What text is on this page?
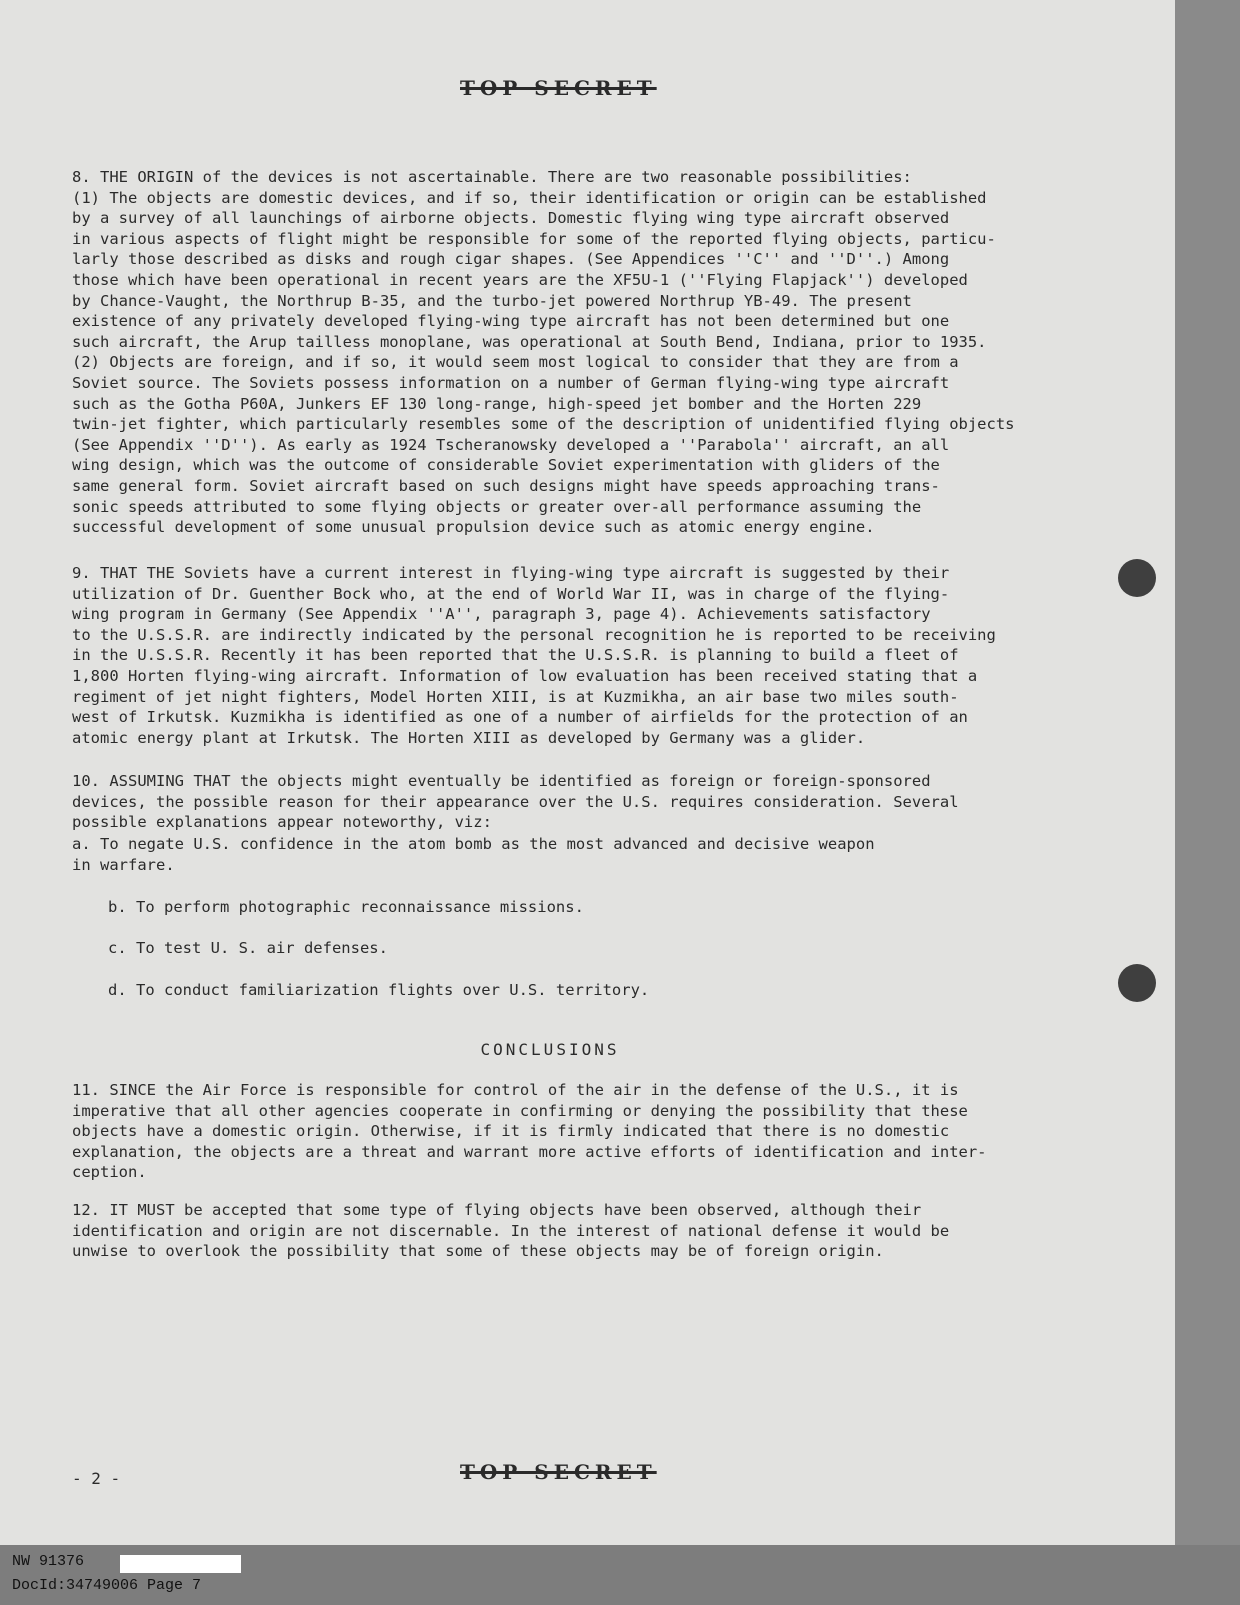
TOP SECRET
8. THE ORIGIN of the devices is not ascertainable. There are two reasonable possibilities:
(1) The objects are domestic devices, and if so, their identification or origin can be established
by a survey of all launchings of airborne objects. Domestic flying wing type aircraft observed
in various aspects of flight might be responsible for some of the reported flying objects, particu-
larly those described as disks and rough cigar shapes. (See Appendices ''C'' and ''D''.) Among
those which have been operational in recent years are the XF5U-1 (''Flying Flapjack'') developed
by Chance-Vaught, the Northrup B-35, and the turbo-jet powered Northrup YB-49. The present
existence of any privately developed flying-wing type aircraft has not been determined but one
such aircraft, the Arup tailless monoplane, was operational at South Bend, Indiana, prior to 1935.
(2) Objects are foreign, and if so, it would seem most logical to consider that they are from a
Soviet source. The Soviets possess information on a number of German flying-wing type aircraft
such as the Gotha P60A, Junkers EF 130 long-range, high-speed jet bomber and the Horten 229
twin-jet fighter, which particularly resembles some of the description of unidentified flying objects
(See Appendix ''D''). As early as 1924 Tscheranowsky developed a ''Parabola'' aircraft, an all
wing design, which was the outcome of considerable Soviet experimentation with gliders of the
same general form. Soviet aircraft based on such designs might have speeds approaching trans-
sonic speeds attributed to some flying objects or greater over-all performance assuming the
successful development of some unusual propulsion device such as atomic energy engine.
9. THAT THE Soviets have a current interest in flying-wing type aircraft is suggested by their
utilization of Dr. Guenther Bock who, at the end of World War II, was in charge of the flying-
wing program in Germany (See Appendix ''A'', paragraph 3, page 4). Achievements satisfactory
to the U.S.S.R. are indirectly indicated by the personal recognition he is reported to be receiving
in the U.S.S.R. Recently it has been reported that the U.S.S.R. is planning to build a fleet of
1,800 Horten flying-wing aircraft. Information of low evaluation has been received stating that a
regiment of jet night fighters, Model Horten XIII, is at Kuzmikha, an air base two miles south-
west of Irkutsk. Kuzmikha is identified as one of a number of airfields for the protection of an
atomic energy plant at Irkutsk. The Horten XIII as developed by Germany was a glider.
10. ASSUMING THAT the objects might eventually be identified as foreign or foreign-sponsored
devices, the possible reason for their appearance over the U.S. requires consideration. Several
possible explanations appear noteworthy, viz:
a. To negate U.S. confidence in the atom bomb as the most advanced and decisive weapon
in warfare.
b. To perform photographic reconnaissance missions.
c. To test U. S. air defenses.
d. To conduct familiarization flights over U.S. territory.
CONCLUSIONS
11. SINCE the Air Force is responsible for control of the air in the defense of the U.S., it is
imperative that all other agencies cooperate in confirming or denying the possibility that these
objects have a domestic origin. Otherwise, if it is firmly indicated that there is no domestic
explanation, the objects are a threat and warrant more active efforts of identification and inter-
ception.
12. IT MUST be accepted that some type of flying objects have been observed, although their
identification and origin are not discernable. In the interest of national defense it would be
unwise to overlook the possibility that some of these objects may be of foreign origin.
- 2 -	TOP SECRET
NW 91376
DocId:34749006 Page 7
